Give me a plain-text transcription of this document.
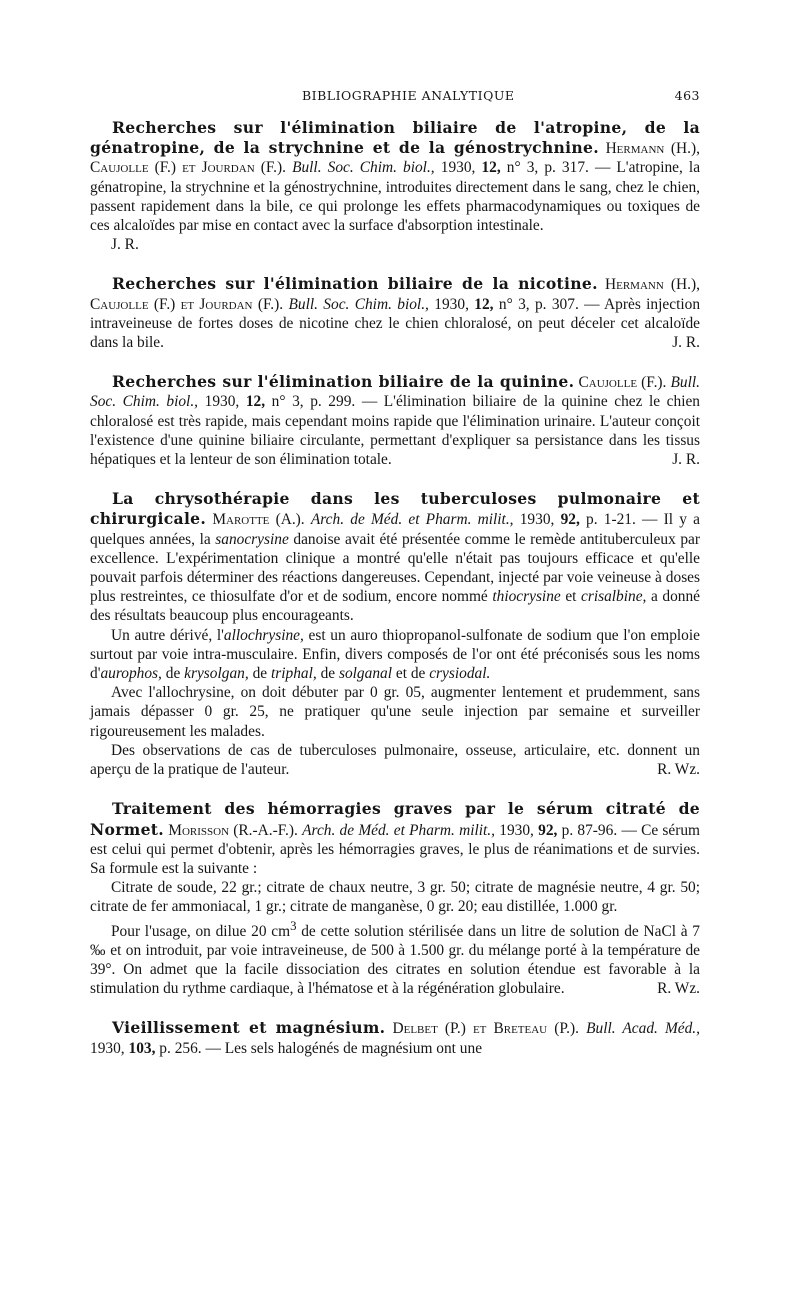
BIBLIOGRAPHIE ANALYTIQUE	463

Recherches sur l'élimination biliaire de l'atropine, de la génatropine, de la strychnine et de la génostrychnine. Hermann (H.), Caujolle (F.) et Jourdan (F.). Bull. Soc. Chim. biol., 1930, 12, n° 3, p. 317. — L'atropine, la génatropine, la strychnine et la génostrychnine, introduites directement dans le sang, chez le chien, passent rapidement dans la bile, ce qui prolonge les effets pharmacodynamiques ou toxiques de ces alcaloïdes par mise en contact avec la surface d'absorption intestinale.

J. R.

Recherches sur l'élimination biliaire de la nicotine. Hermann (H.), Caujolle (F.) et Jourdan (F.). Bull. Soc. Chim. biol., 1930, 12, n° 3, p. 307. — Après injection intraveineuse de fortes doses de nicotine chez le chien chloralosé, on peut déceler cet alcaloïde dans la bile.	J. R.

Recherches sur l'élimination biliaire de la quinine. Caujolle (F.). Bull. Soc. Chim. biol., 1930, 12, n° 3, p. 299. — L'élimination biliaire de la quinine chez le chien chloralosé est très rapide, mais cependant moins rapide que l'élimination urinaire. L'auteur conçoit l'existence d'une quinine biliaire circulante, permettant d'expliquer sa persistance dans les tissus hépatiques et la lenteur de son élimination totale.	J. R.

La chrysothérapie dans les tuberculoses pulmonaire et chirurgicale. Marotte (A.). Arch. de Méd. et Pharm. milit., 1930, 92, p. 1-21. — Il y a quelques années, la sanocrysine danoise avait été présentée comme le remède antituberculeux par excellence. L'expérimentation clinique a montré qu'elle n'était pas toujours efficace et qu'elle pouvait parfois déterminer des réactions dangereuses. Cependant, injecté par voie veineuse à doses plus restreintes, ce thiosulfate d'or et de sodium, encore nommé thiocrysine et crisalbine, a donné des résultats beaucoup plus encourageants.

Un autre dérivé, l'allochrysine, est un auro thiopropanol-sulfonate de sodium que l'on emploie surtout par voie intra-musculaire. Enfin, divers composés de l'or ont été préconisés sous les noms d'aurophos, de krysolgan, de triphal, de solganal et de crysiodal.

Avec l'allochrysine, on doit débuter par 0 gr. 05, augmenter lentement et prudemment, sans jamais dépasser 0 gr. 25, ne pratiquer qu'une seule injection par semaine et surveiller rigoureusement les malades.

Des observations de cas de tuberculoses pulmonaire, osseuse, articulaire, etc. donnent un aperçu de la pratique de l'auteur.	R. Wz.

Traitement des hémorragies graves par le sérum citraté de Normet. Morisson (R.-A.-F.). Arch. de Méd. et Pharm. milit., 1930, 92, p. 87-96. — Ce sérum est celui qui permet d'obtenir, après les hémorragies graves, le plus de réanimations et de survies. Sa formule est la suivante :

Citrate de soude, 22 gr.; citrate de chaux neutre, 3 gr. 50; citrate de magnésie neutre, 4 gr. 50; citrate de fer ammoniacal, 1 gr.; citrate de manganèse, 0 gr. 20; eau distillée, 1.000 gr.

Pour l'usage, on dilue 20 $cm^3$ de cette solution stérilisée dans un litre de solution de NaCl à 7 ‰ et on introduit, par voie intraveineuse, de 500 à 1.500 gr. du mélange porté à la température de 39°. On admet que la facile dissociation des citrates en solution étendue est favorable à la stimulation du rythme cardiaque, à l'hématose et à la régénération globulaire.	R. Wz.

Vieillissement et magnésium. Delbet (P.) et Breteau (P.). Bull. Acad. Méd., 1930, 103, p. 256. — Les sels halogénés de magnésium ont une
